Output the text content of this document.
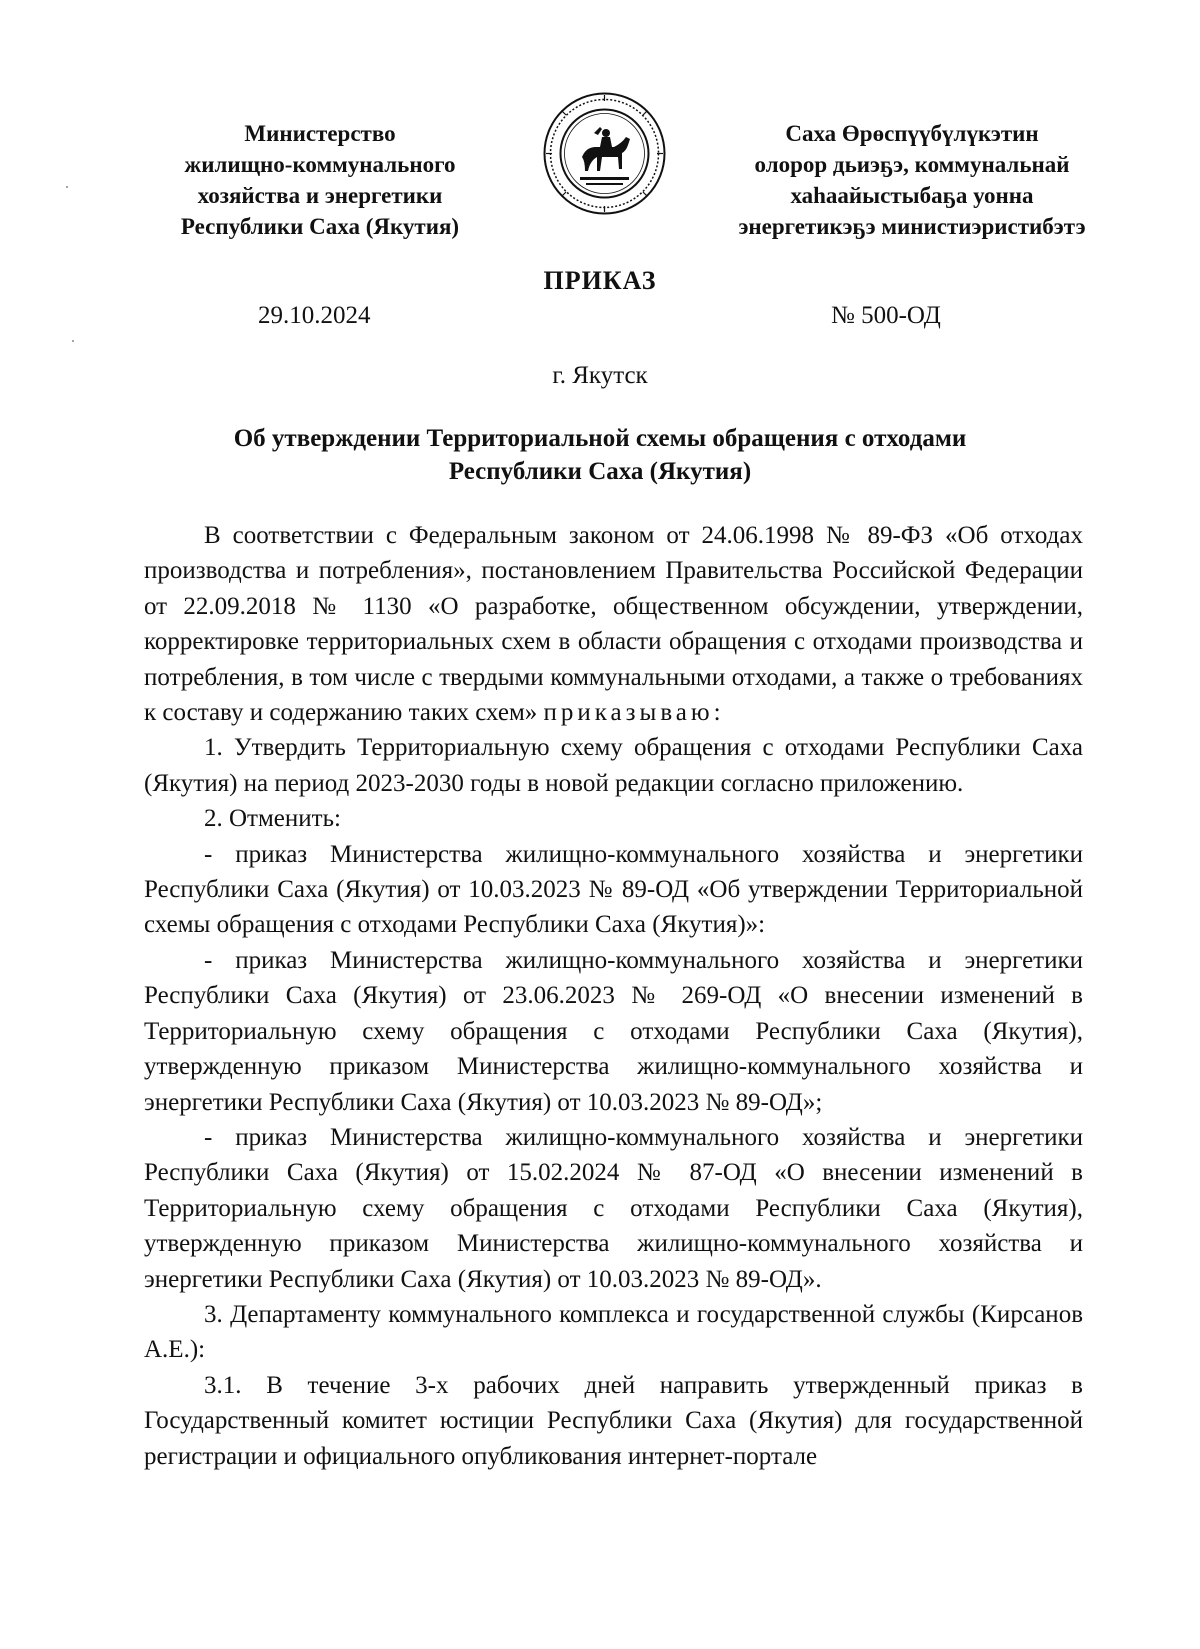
Министерство
жилищно-коммунального
хозяйства и энергетики
Республики Саха (Якутия)
Саха Өрөспүүбүлүкэтин
олорор дьиэҕэ, коммунальнай
хаһаайыстыбаҕа уонна
энергетикэҕэ министиэристибэтэ
ПРИКАЗ
29.10.2024	№ 500-ОД
г. Якутск
Об утверждении Территориальной схемы обращения с отходами
Республики Саха (Якутия)

В соответствии с Федеральным законом от 24.06.1998 № 89-ФЗ «Об отходах производства и потребления», постановлением Правительства Российской Федерации от 22.09.2018 № 1130 «О разработке, общественном обсуждении, утверждении, корректировке территориальных схем в области обращения с отходами производства и потребления, в том числе с твердыми коммунальными отходами, а также о требованиях к составу и содержанию таких схем» приказываю:

1. Утвердить Территориальную схему обращения с отходами Республики Саха (Якутия) на период 2023-2030 годы в новой редакции согласно приложению.

2. Отменить:

- приказ Министерства жилищно-коммунального хозяйства и энергетики Республики Саха (Якутия) от 10.03.2023 № 89-ОД «Об утверждении Территориальной схемы обращения с отходами Республики Саха (Якутия)»:

- приказ Министерства жилищно-коммунального хозяйства и энергетики Республики Саха (Якутия) от 23.06.2023 № 269-ОД «О внесении изменений в Территориальную схему обращения с отходами Республики Саха (Якутия), утвержденную приказом Министерства жилищно-коммунального хозяйства и энергетики Республики Саха (Якутия) от 10.03.2023 № 89-ОД»;

- приказ Министерства жилищно-коммунального хозяйства и энергетики Республики Саха (Якутия) от 15.02.2024 № 87-ОД «О внесении изменений в Территориальную схему обращения с отходами Республики Саха (Якутия), утвержденную приказом Министерства жилищно-коммунального хозяйства и энергетики Республики Саха (Якутия) от 10.03.2023 № 89-ОД».

3. Департаменту коммунального комплекса и государственной службы (Кирсанов А.Е.):

3.1. В течение 3-х рабочих дней направить утвержденный приказ в Государственный комитет юстиции Республики Саха (Якутия) для государственной регистрации и официального опубликования интернет-портале
